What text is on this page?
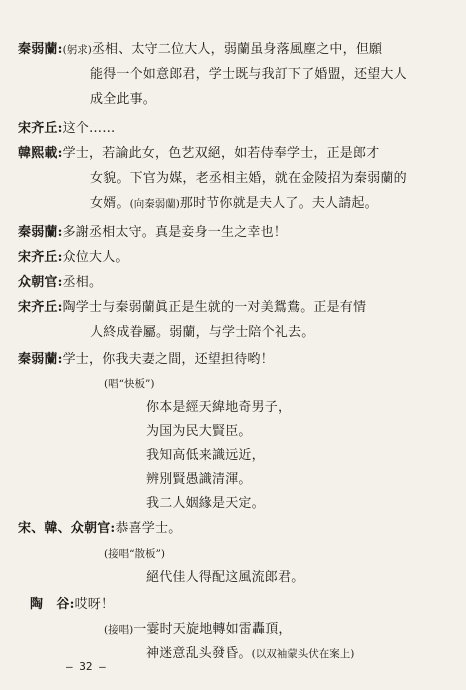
秦弱蘭:(躬求)丞相、太守二位大人，弱蘭虽身落風塵之中，但願
能得一个如意郎君，学士既与我訂下了婚盟，还望大人
成全此事。
宋齐丘:这个……
韓熙載:学士，若論此女，色艺双絕，如若侍奉学士，正是郎才
女貌。下官为媒，老丞相主婚，就在金陵招为秦弱蘭的
女婿。(向秦弱蘭)那时节你就是夫人了。夫人請起。
秦弱蘭:多謝丞相太守。真是妾身一生之幸也！
宋齐丘:众位大人。
众朝官:丞相。
宋齐丘:陶学士与秦弱蘭眞正是生就的一对美鴛鴦。正是有情
人終成眷屬。弱蘭，与学士陪个礼去。
秦弱蘭:学士，你我夫妻之間，还望担待哟！
(唱“快板”)
你本是經天緯地奇男子，
为国为民大賢臣。
我知高低来識远近，
辨別賢愚識清渾。
我二人姻緣是天定。
宋、韓、众朝官:恭喜学士。
(接唱“散板”)
絕代佳人得配这風流郎君。
陶　谷:哎呀！
(接唱)一霎时天旋地轉如雷轟頂，
神迷意乱头發昏。(以双袖蒙头伏在案上)
— 32 —
